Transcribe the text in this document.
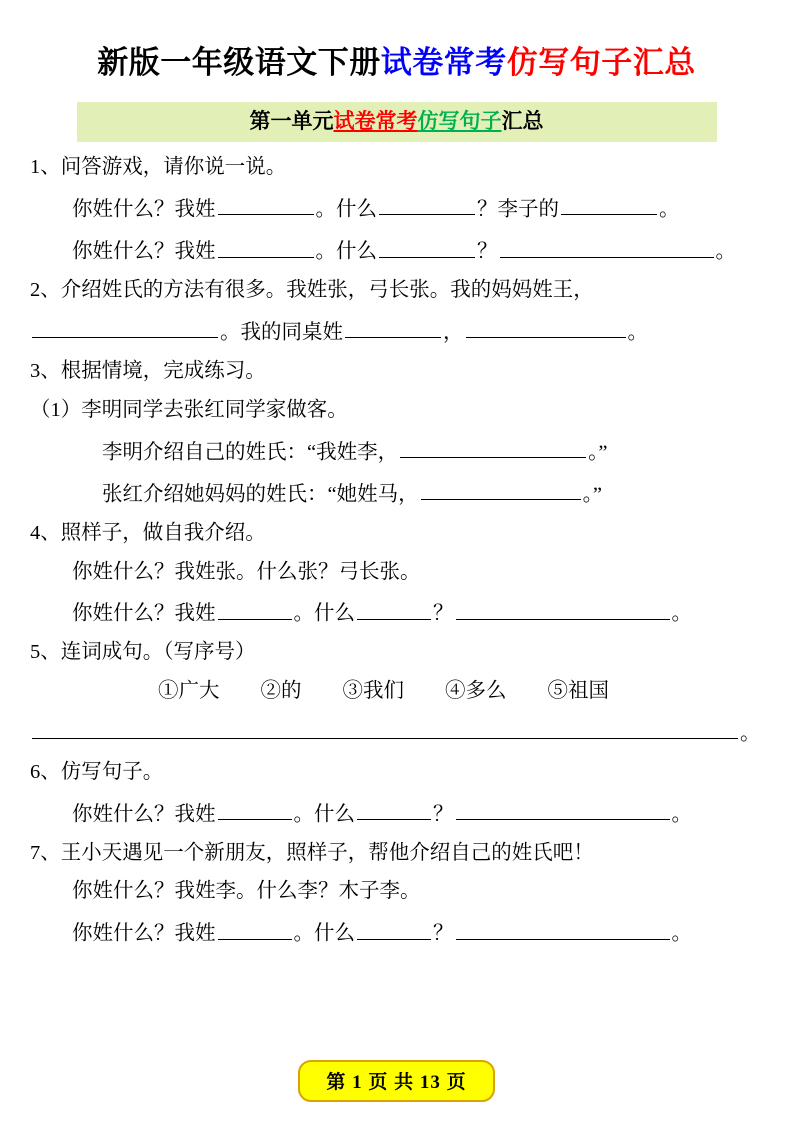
新版一年级语文下册试卷常考仿写句子汇总
第一单元试卷常考仿写句子汇总

1、问答游戏，请你说一说。

你姓什么？我姓	。什么	？李子的	。

你姓什么？我姓	。什么	？	。

2、介绍姓氏的方法有很多。我姓张，弓长张。我的妈妈姓王，

。我的同桌姓	，	。

3、根据情境，完成练习。

（1）李明同学去张红同学家做客。

李明介绍自己的姓氏：“我姓李，	。”

张红介绍她妈妈的姓氏：“她姓马，	。”

4、照样子，做自我介绍。

你姓什么？我姓张。什么张？弓长张。

你姓什么？我姓	。什么	？	。

5、连词成句。（写序号）

①广大　　②的　　③我们　　④多么　　⑤祖国

。

6、仿写句子。

你姓什么？我姓	。什么	？	。

7、王小天遇见一个新朋友，照样子，帮他介绍自己的姓氏吧！

你姓什么？我姓李。什么李？木子李。

你姓什么？我姓	。什么	？	。

第 1 页 共 13 页
